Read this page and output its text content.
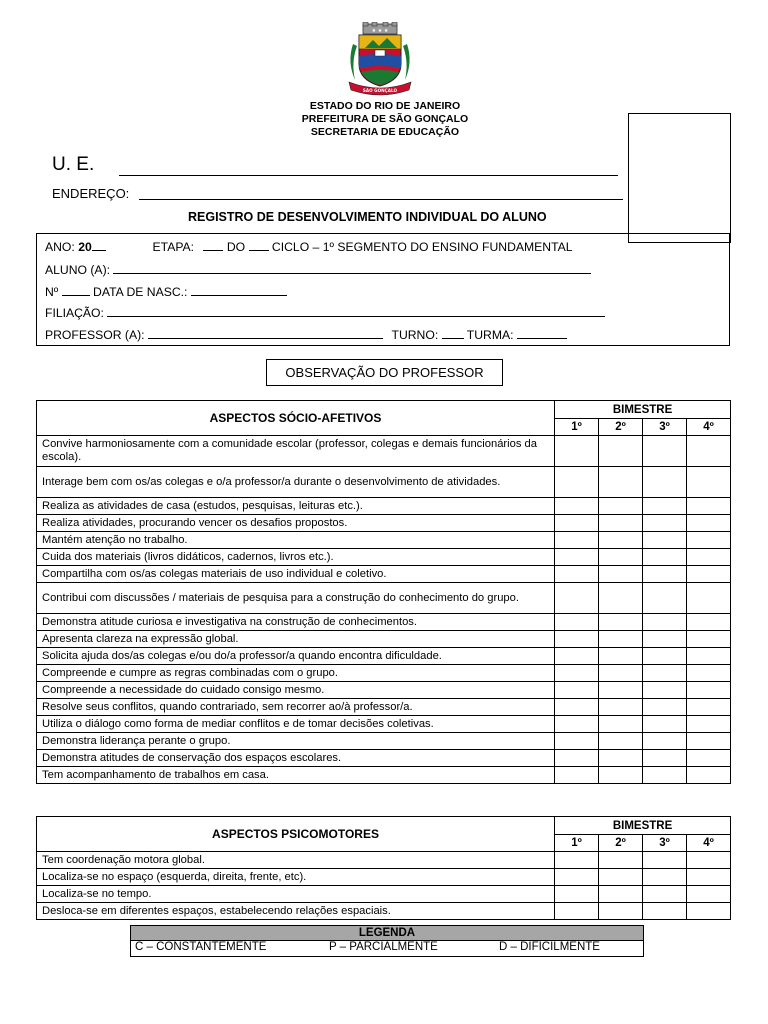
★ ★ ★
SÃO GONÇALO
ESTADO DO RIO DE JANEIRO
PREFEITURA DE SÃO GONÇALO
SECRETARIA DE EDUCAÇÃO
U. E.
ENDEREÇO:
REGISTRO DE DESENVOLVIMENTO INDIVIDUAL DO ALUNO
ANO: 20	ETAPA:	DO CICLO – 1º SEGMENTO DO ENSINO FUNDAMENTAL
ALUNO (A):
Nº	DATA DE NASC.:
FILIAÇÃO:
PROFESSOR (A):	TURNO: TURMA:
OBSERVAÇÃO DO PROFESSOR
ASPECTOS SÓCIO-AFETIVOS	BIMESTRE			
	1º	2º	3º	4º
Convive harmoniosamente com a comunidade escolar (professor, colegas e demais funcionários da escola).				
Interage bem com os/as colegas e o/a professor/a durante o desenvolvimento de atividades.				
Realiza as atividades de casa (estudos, pesquisas, leituras etc.).				
Realiza atividades, procurando vencer os desafios propostos.				
Mantém atenção no trabalho.				
Cuida dos materiais (livros didáticos, cadernos, livros etc.).				
Compartilha com os/as colegas materiais de uso individual e coletivo.				
Contribui com discussões / materiais de pesquisa para a construção do conhecimento do grupo.				
Demonstra atitude curiosa e investigativa na construção de conhecimentos.				
Apresenta clareza na expressão global.				
Solicita ajuda dos/as colegas e/ou do/a professor/a quando encontra dificuldade.				
Compreende e cumpre as regras combinadas com o grupo.				
Compreende a necessidade do cuidado consigo mesmo.				
Resolve seus conflitos, quando contrariado, sem recorrer ao/à professor/a.				
Utiliza o diálogo como forma de mediar conflitos e de tomar decisões coletivas.				
Demonstra liderança perante o grupo.				
Demonstra atitudes de conservação dos espaços escolares.				
Tem acompanhamento de trabalhos em casa.				
ASPECTOS PSICOMOTORES	BIMESTRE			
	1º	2º	3º	4º
Tem coordenação motora global.				
Localiza-se no espaço (esquerda, direita, frente, etc).				
Localiza-se no tempo.				
Desloca-se em diferentes espaços, estabelecendo relações espaciais.				
LEGENDA

C – CONSTANTEMENTE	P – PARCIALMENTE	D – DIFICILMENTE
